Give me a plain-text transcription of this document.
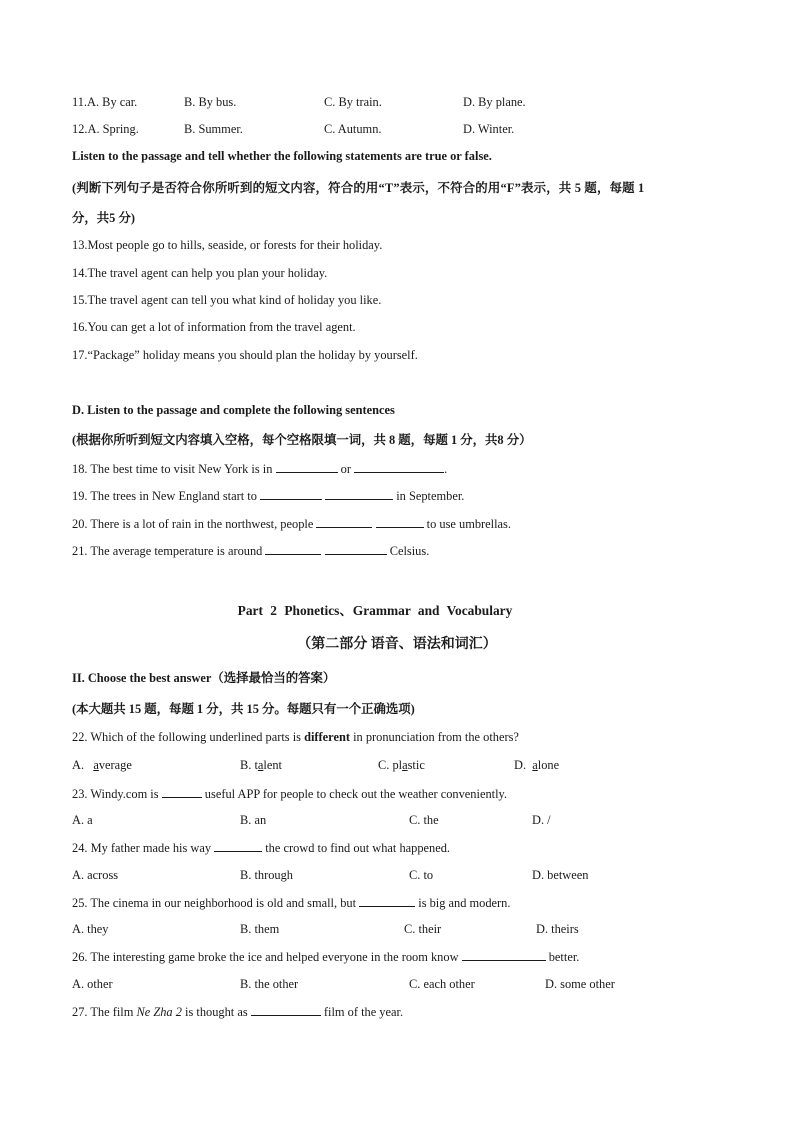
11.A. By car.	B. By bus.	C. By train.	D. By plane.
12.A. Spring.	B. Summer.	C. Autumn.	D. Winter.
Listen to the passage and tell whether the following statements are true or false.
(判断下列句子是否符合你所听到的短文内容，符合的用“T”表示，不符合的用“F”表示，共 5 题，每题 1
分，共5 分)
13.Most people go to hills, seaside, or forests for their holiday.
14.The travel agent can help you plan your holiday.
15.The travel agent can tell you what kind of holiday you like.
16.You can get a lot of information from the travel agent.
17.“Package” holiday means you should plan the holiday by yourself.
D. Listen to the passage and complete the following sentences
(根据你所听到短文内容填入空格，每个空格限填一词，共 8 题，每题 1 分，共8 分）
18. The best time to visit New York is in	or	.
19. The trees in New England start to	in September.
20. There is a lot of rain in the northwest, people	to use umbrellas.
21. The average temperature is around	Celsius.
Part 2 Phonetics、Grammar and Vocabulary
（第二部分 语音、语法和词汇）
II. Choose the best answer（选择最恰当的答案）
(本大题共 15 题，每题 1 分，共 15 分。每题只有一个正确选项)
22. Which of the following underlined parts is different in pronunciation from the others?
A. average	B. talent	C. plastic	D.  alone
23. Windy.com is	useful APP for people to check out the weather conveniently.
A. a	B. an	C. the	D. /
24. My father made his way	the crowd to find out what happened.
A. across	B. through	C. to	D. between
25. The cinema in our neighborhood is old and small, but	is big and modern.
A. they	B. them	C. their	D. theirs
26. The interesting game broke the ice and helped everyone in the room know	better.
A. other	B. the other	C. each other	D. some other
27. The film Ne Zha 2 is thought as	film of the year.
